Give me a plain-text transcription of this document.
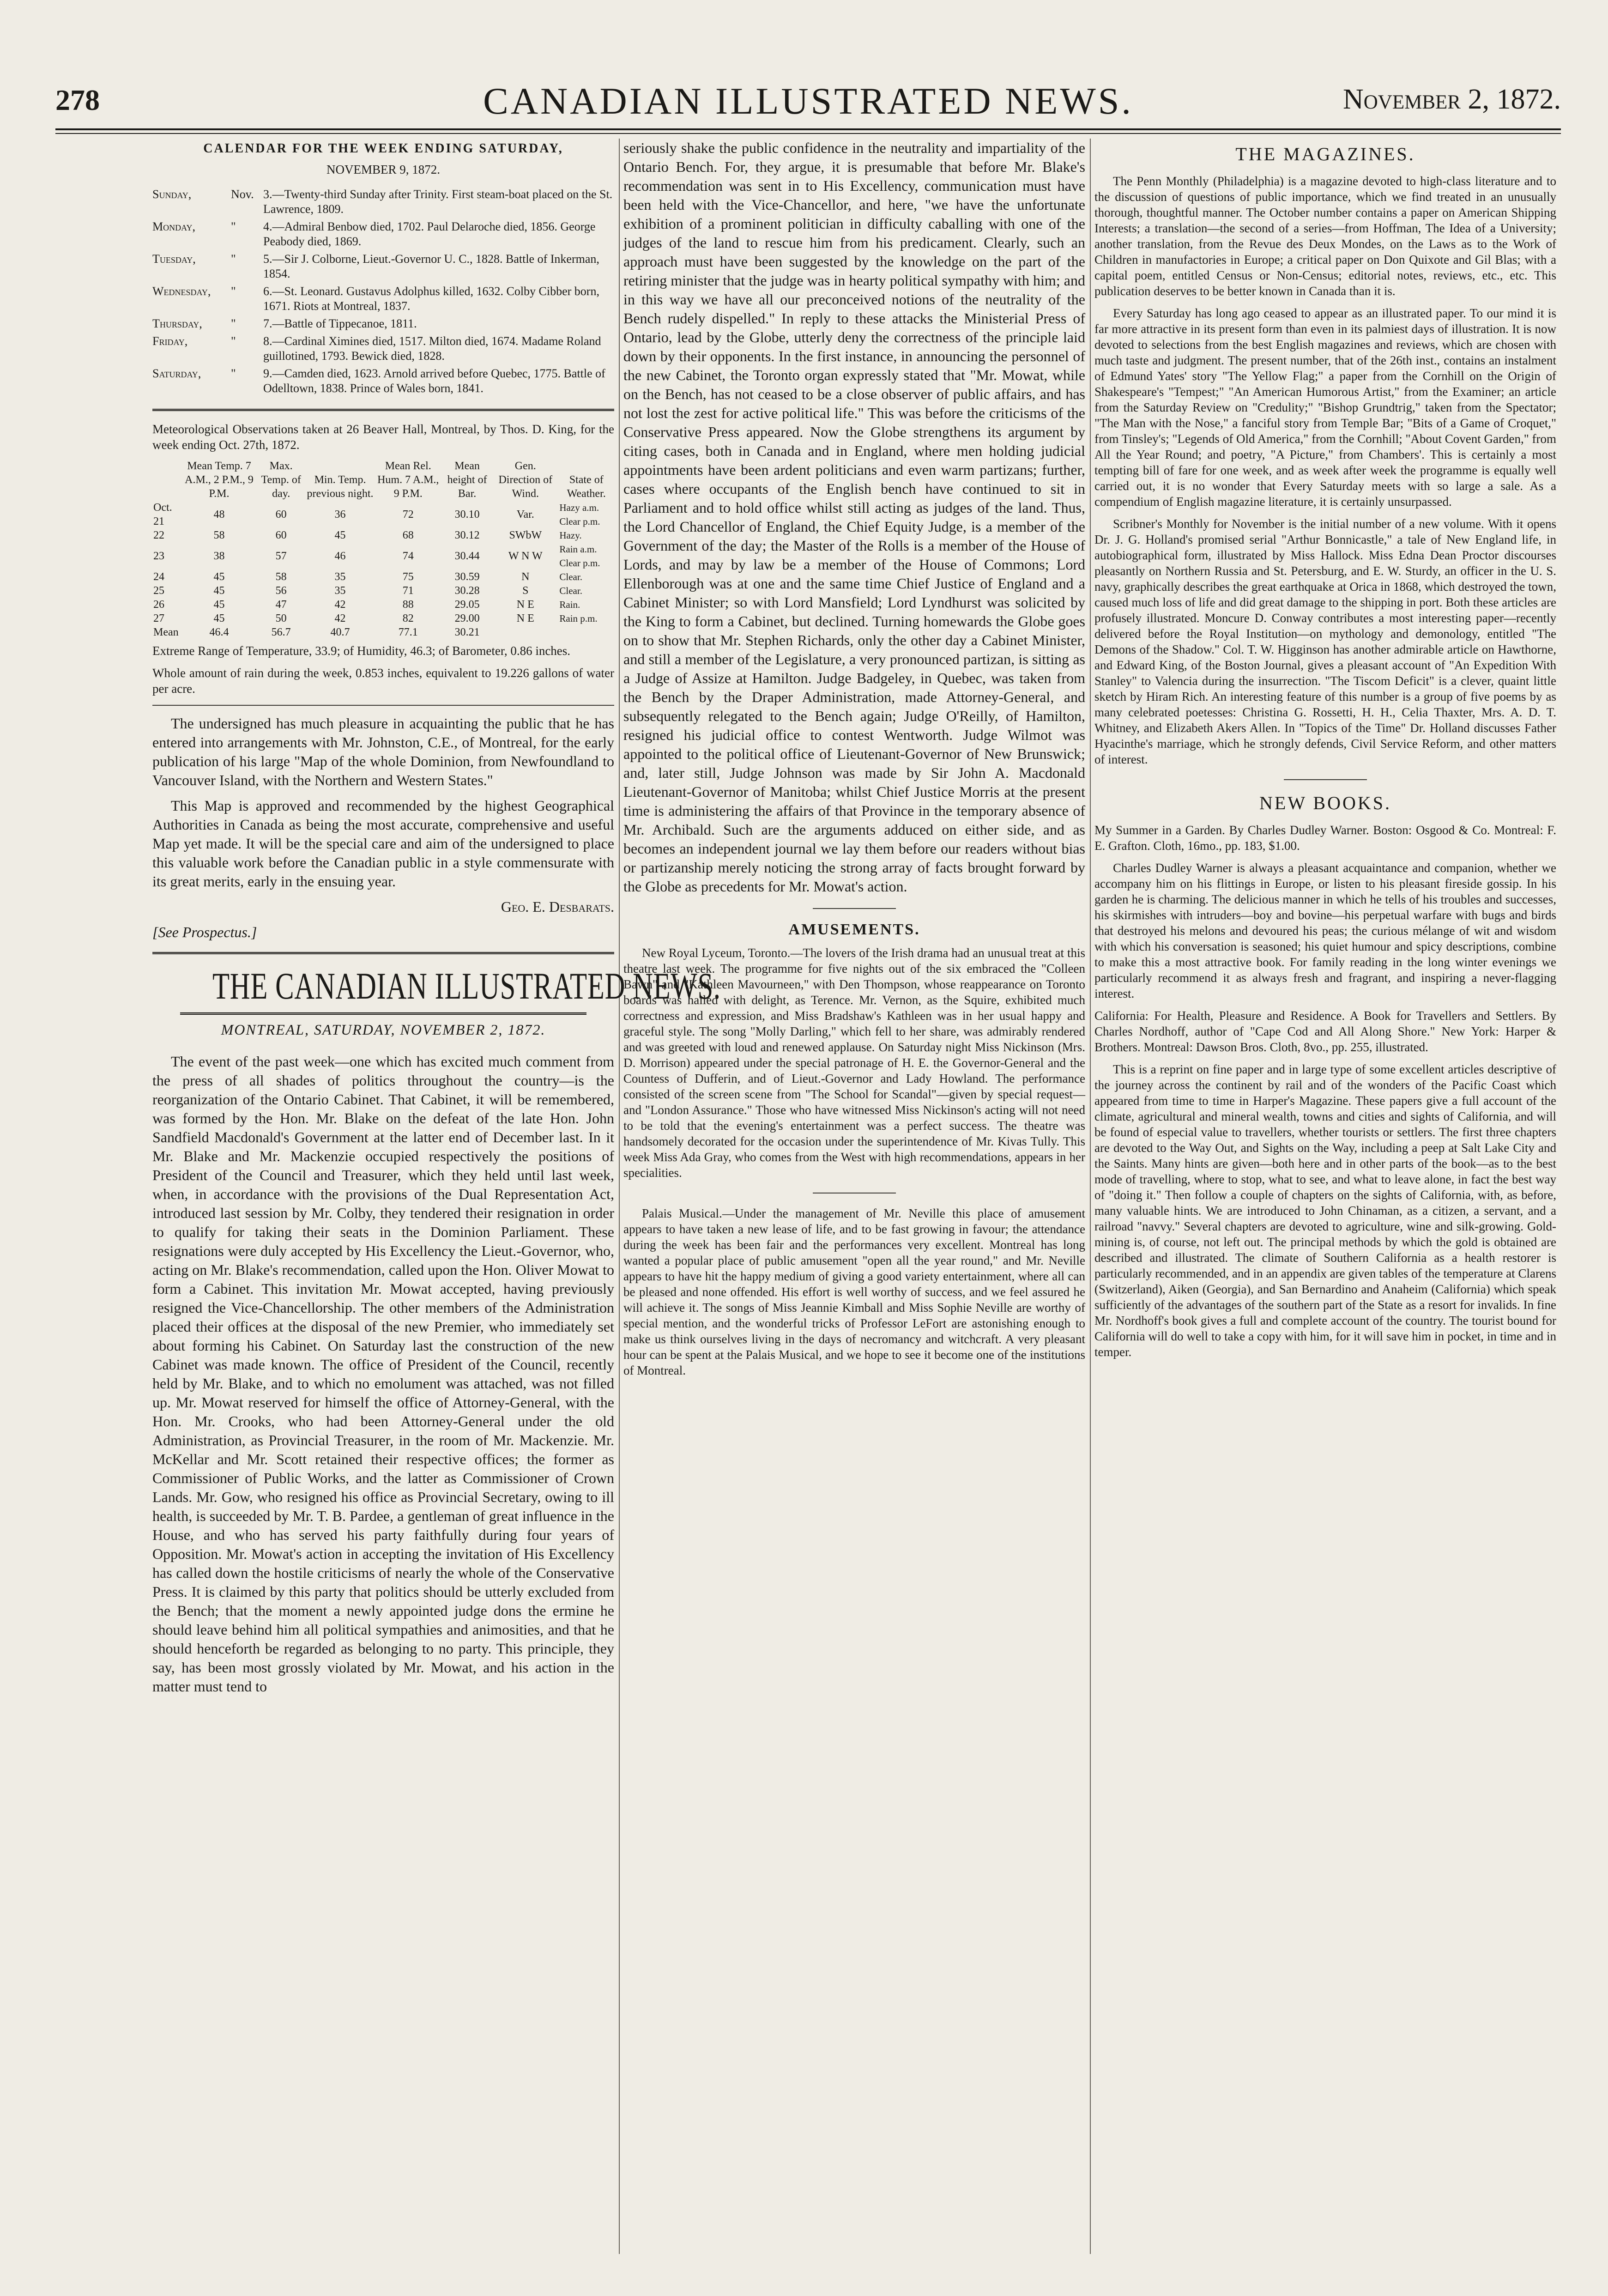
278	CANADIAN ILLUSTRATED NEWS.	November 2, 1872.
CALENDAR FOR THE WEEK ENDING SATURDAY,
NOVEMBER 9, 1872.
Sunday,	Nov.	3.—Twenty-third Sunday after Trinity. First steam-boat placed on the St. Lawrence, 1809.
Monday,	"	4.—Admiral Benbow died, 1702. Paul Delaroche died, 1856. George Peabody died, 1869.
Tuesday,	"	5.—Sir J. Colborne, Lieut.-Governor U. C., 1828. Battle of Inkerman, 1854.
Wednesday,	"	6.—St. Leonard. Gustavus Adolphus killed, 1632. Colby Cibber born, 1671. Riots at Montreal, 1837.
Thursday,	"	7.—Battle of Tippecanoe, 1811.
Friday,	"	8.—Cardinal Ximines died, 1517. Milton died, 1674. Madame Roland guillotined, 1793. Bewick died, 1828.
Saturday,	"	9.—Camden died, 1623. Arnold arrived before Quebec, 1775. Battle of Odelltown, 1838. Prince of Wales born, 1841.

Meteorological Observations taken at 26 Beaver Hall, Montreal, by Thos. D. King, for the week ending Oct. 27th, 1872.

	Mean Temp. 7 A.M., 2 P.M., 9 P.M.	Max. Temp. of day.	Min. Temp. previous night.	Mean Rel. Hum. 7 A.M., 9 P.M.	Mean height of Bar.	Gen. Direction of Wind.	State of Weather.
Oct. 21	48	60	36	72	30.10	Var.	Hazy a.m. Clear p.m.
22	58	60	45	68	30.12	SWbW	Hazy.
23	38	57	46	74	30.44	W N W	Rain a.m. Clear p.m.
24	45	58	35	75	30.59	N	Clear.
25	45	56	35	71	30.28	S	Clear.
26	45	47	42	88	29.05	N E	Rain.
27	45	50	42	82	29.00	N E	Rain p.m.
Mean	46.4	56.7	40.7	77.1	30.21		

Extreme Range of Temperature, 33.9; of Humidity, 46.3; of Barometer, 0.86 inches.

Whole amount of rain during the week, 0.853 inches, equivalent to 19.226 gallons of water per acre.

The undersigned has much pleasure in acquainting the public that he has entered into arrangements with Mr. Johnston, C.E., of Montreal, for the early publication of his large "Map of the whole Dominion, from Newfoundland to Vancouver Island, with the Northern and Western States."

This Map is approved and recommended by the highest Geographical Authorities in Canada as being the most accurate, comprehensive and useful Map yet made. It will be the special care and aim of the undersigned to place this valuable work before the Canadian public in a style commensurate with its great merits, early in the ensuing year.

Geo. E. Desbarats.

[See Prospectus.]

THE CANADIAN ILLUSTRATED NEWS.
MONTREAL, SATURDAY, NOVEMBER 2, 1872.

The event of the past week—one which has excited much comment from the press of all shades of politics throughout the country—is the reorganization of the Ontario Cabinet. That Cabinet, it will be remembered, was formed by the Hon. Mr. Blake on the defeat of the late Hon. John Sandfield Macdonald's Government at the latter end of December last. In it Mr. Blake and Mr. Mackenzie occupied respectively the positions of President of the Council and Treasurer, which they held until last week, when, in accordance with the provisions of the Dual Representation Act, introduced last session by Mr. Colby, they tendered their resignation in order to qualify for taking their seats in the Dominion Parliament. These resignations were duly accepted by His Excellency the Lieut.-Governor, who, acting on Mr. Blake's recommendation, called upon the Hon. Oliver Mowat to form a Cabinet. This invitation Mr. Mowat accepted, having previously resigned the Vice-Chancellorship. The other members of the Administration placed their offices at the disposal of the new Premier, who immediately set about forming his Cabinet. On Saturday last the construction of the new Cabinet was made known. The office of President of the Council, recently held by Mr. Blake, and to which no emolument was attached, was not filled up. Mr. Mowat reserved for himself the office of Attorney-General, with the Hon. Mr. Crooks, who had been Attorney-General under the old Administration, as Provincial Treasurer, in the room of Mr. Mackenzie. Mr. McKellar and Mr. Scott retained their respective offices; the former as Commissioner of Public Works, and the latter as Commissioner of Crown Lands. Mr. Gow, who resigned his office as Provincial Secretary, owing to ill health, is succeeded by Mr. T. B. Pardee, a gentleman of great influence in the House, and who has served his party faithfully during four years of Opposition. Mr. Mowat's action in accepting the invitation of His Excellency has called down the hostile criticisms of nearly the whole of the Conservative Press. It is claimed by this party that politics should be utterly excluded from the Bench; that the moment a newly appointed judge dons the ermine he should leave behind him all political sympathies and animosities, and that he should henceforth be regarded as belonging to no party. This principle, they say, has been most grossly violated by Mr. Mowat, and his action in the matter must tend to

seriously shake the public confidence in the neutrality and impartiality of the Ontario Bench. For, they argue, it is presumable that before Mr. Blake's recommendation was sent in to His Excellency, communication must have been held with the Vice-Chancellor, and here, "we have the unfortunate exhibition of a prominent politician in difficulty caballing with one of the judges of the land to rescue him from his predicament. Clearly, such an approach must have been suggested by the knowledge on the part of the retiring minister that the judge was in hearty political sympathy with him; and in this way we have all our preconceived notions of the neutrality of the Bench rudely dispelled." In reply to these attacks the Ministerial Press of Ontario, lead by the Globe, utterly deny the correctness of the principle laid down by their opponents. In the first instance, in announcing the personnel of the new Cabinet, the Toronto organ expressly stated that "Mr. Mowat, while on the Bench, has not ceased to be a close observer of public affairs, and has not lost the zest for active political life." This was before the criticisms of the Conservative Press appeared. Now the Globe strengthens its argument by citing cases, both in Canada and in England, where men holding judicial appointments have been ardent politicians and even warm partizans; further, cases where occupants of the English bench have continued to sit in Parliament and to hold office whilst still acting as judges of the land. Thus, the Lord Chancellor of England, the Chief Equity Judge, is a member of the Government of the day; the Master of the Rolls is a member of the House of Lords, and may by law be a member of the House of Commons; Lord Ellenborough was at one and the same time Chief Justice of England and a Cabinet Minister; so with Lord Mansfield; Lord Lyndhurst was solicited by the King to form a Cabinet, but declined. Turning homewards the Globe goes on to show that Mr. Stephen Richards, only the other day a Cabinet Minister, and still a member of the Legislature, a very pronounced partizan, is sitting as a Judge of Assize at Hamilton. Judge Badgeley, in Quebec, was taken from the Bench by the Draper Administration, made Attorney-General, and subsequently relegated to the Bench again; Judge O'Reilly, of Hamilton, resigned his judicial office to contest Wentworth. Judge Wilmot was appointed to the political office of Lieutenant-Governor of New Brunswick; and, later still, Judge Johnson was made by Sir John A. Macdonald Lieutenant-Governor of Manitoba; whilst Chief Justice Morris at the present time is administering the affairs of that Province in the temporary absence of Mr. Archibald. Such are the arguments adduced on either side, and as becomes an independent journal we lay them before our readers without bias or partizanship merely noticing the strong array of facts brought forward by the Globe as precedents for Mr. Mowat's action.

AMUSEMENTS.

New Royal Lyceum, Toronto.—The lovers of the Irish drama had an unusual treat at this theatre last week. The programme for five nights out of the six embraced the "Colleen Bawn" and "Kathleen Mavourneen," with Den Thompson, whose reappearance on Toronto boards was hailed with delight, as Terence. Mr. Vernon, as the Squire, exhibited much correctness and expression, and Miss Bradshaw's Kathleen was in her usual happy and graceful style. The song "Molly Darling," which fell to her share, was admirably rendered and was greeted with loud and renewed applause. On Saturday night Miss Nickinson (Mrs. D. Morrison) appeared under the special patronage of H. E. the Governor-General and the Countess of Dufferin, and of Lieut.-Governor and Lady Howland. The performance consisted of the screen scene from "The School for Scandal"—given by special request—and "London Assurance." Those who have witnessed Miss Nickinson's acting will not need to be told that the evening's entertainment was a perfect success. The theatre was handsomely decorated for the occasion under the superintendence of Mr. Kivas Tully. This week Miss Ada Gray, who comes from the West with high recommendations, appears in her specialities.

Palais Musical.—Under the management of Mr. Neville this place of amusement appears to have taken a new lease of life, and to be fast growing in favour; the attendance during the week has been fair and the performances very excellent. Montreal has long wanted a popular place of public amusement "open all the year round," and Mr. Neville appears to have hit the happy medium of giving a good variety entertainment, where all can be pleased and none offended. His effort is well worthy of success, and we feel assured he will achieve it. The songs of Miss Jeannie Kimball and Miss Sophie Neville are worthy of special mention, and the wonderful tricks of Professor LeFort are astonishing enough to make us think ourselves living in the days of necromancy and witchcraft. A very pleasant hour can be spent at the Palais Musical, and we hope to see it become one of the institutions of Montreal.

THE MAGAZINES.

The Penn Monthly (Philadelphia) is a magazine devoted to high-class literature and to the discussion of questions of public importance, which we find treated in an unusually thorough, thoughtful manner. The October number contains a paper on American Shipping Interests; a translation—the second of a series—from Hoffman, The Idea of a University; another translation, from the Revue des Deux Mondes, on the Laws as to the Work of Children in manufactories in Europe; a critical paper on Don Quixote and Gil Blas; with a capital poem, entitled Census or Non-Census; editorial notes, reviews, etc., etc. This publication deserves to be better known in Canada than it is.

Every Saturday has long ago ceased to appear as an illustrated paper. To our mind it is far more attractive in its present form than even in its palmiest days of illustration. It is now devoted to selections from the best English magazines and reviews, which are chosen with much taste and judgment. The present number, that of the 26th inst., contains an instalment of Edmund Yates' story "The Yellow Flag;" a paper from the Cornhill on the Origin of Shakespeare's "Tempest;" "An American Humorous Artist," from the Examiner; an article from the Saturday Review on "Credulity;" "Bishop Grundtrig," taken from the Spectator; "The Man with the Nose," a fanciful story from Temple Bar; "Bits of a Game of Croquet," from Tinsley's; "Legends of Old America," from the Cornhill; "About Covent Garden," from All the Year Round; and poetry, "A Picture," from Chambers'. This is certainly a most tempting bill of fare for one week, and as week after week the programme is equally well carried out, it is no wonder that Every Saturday meets with so large a sale. As a compendium of English magazine literature, it is certainly unsurpassed.

Scribner's Monthly for November is the initial number of a new volume. With it opens Dr. J. G. Holland's promised serial "Arthur Bonnicastle," a tale of New England life, in autobiographical form, illustrated by Miss Hallock. Miss Edna Dean Proctor discourses pleasantly on Northern Russia and St. Petersburg, and E. W. Sturdy, an officer in the U. S. navy, graphically describes the great earthquake at Orica in 1868, which destroyed the town, caused much loss of life and did great damage to the shipping in port. Both these articles are profusely illustrated. Moncure D. Conway contributes a most interesting paper—recently delivered before the Royal Institution—on mythology and demonology, entitled "The Demons of the Shadow." Col. T. W. Higginson has another admirable article on Hawthorne, and Edward King, of the Boston Journal, gives a pleasant account of "An Expedition With Stanley" to Valencia during the insurrection. "The Tiscom Deficit" is a clever, quaint little sketch by Hiram Rich. An interesting feature of this number is a group of five poems by as many celebrated poetesses: Christina G. Rossetti, H. H., Celia Thaxter, Mrs. A. D. T. Whitney, and Elizabeth Akers Allen. In "Topics of the Time" Dr. Holland discusses Father Hyacinthe's marriage, which he strongly defends, Civil Service Reform, and other matters of interest.

NEW BOOKS.

My Summer in a Garden. By Charles Dudley Warner. Boston: Osgood & Co. Montreal: F. E. Grafton. Cloth, 16mo., pp. 183, $1.00.

Charles Dudley Warner is always a pleasant acquaintance and companion, whether we accompany him on his flittings in Europe, or listen to his pleasant fireside gossip. In his garden he is charming. The delicious manner in which he tells of his troubles and successes, his skirmishes with intruders—boy and bovine—his perpetual warfare with bugs and birds that destroyed his melons and devoured his peas; the curious mélange of wit and wisdom with which his conversation is seasoned; his quiet humour and spicy descriptions, combine to make this a most attractive book. For family reading in the long winter evenings we particularly recommend it as always fresh and fragrant, and inspiring a never-flagging interest.

California: For Health, Pleasure and Residence. A Book for Travellers and Settlers. By Charles Nordhoff, author of "Cape Cod and All Along Shore." New York: Harper & Brothers. Montreal: Dawson Bros. Cloth, 8vo., pp. 255, illustrated.

This is a reprint on fine paper and in large type of some excellent articles descriptive of the journey across the continent by rail and of the wonders of the Pacific Coast which appeared from time to time in Harper's Magazine. These papers give a full account of the climate, agricultural and mineral wealth, towns and cities and sights of California, and will be found of especial value to travellers, whether tourists or settlers. The first three chapters are devoted to the Way Out, and Sights on the Way, including a peep at Salt Lake City and the Saints. Many hints are given—both here and in other parts of the book—as to the best mode of travelling, where to stop, what to see, and what to leave alone, in fact the best way of "doing it." Then follow a couple of chapters on the sights of California, with, as before, many valuable hints. We are introduced to John Chinaman, as a citizen, a servant, and a railroad "navvy." Several chapters are devoted to agriculture, wine and silk-growing. Gold-mining is, of course, not left out. The principal methods by which the gold is obtained are described and illustrated. The climate of Southern California as a health restorer is particularly recommended, and in an appendix are given tables of the temperature at Clarens (Switzerland), Aiken (Georgia), and San Bernardino and Anaheim (California) which speak sufficiently of the advantages of the southern part of the State as a resort for invalids. In fine Mr. Nordhoff's book gives a full and complete account of the country. The tourist bound for California will do well to take a copy with him, for it will save him in pocket, in time and in temper.
